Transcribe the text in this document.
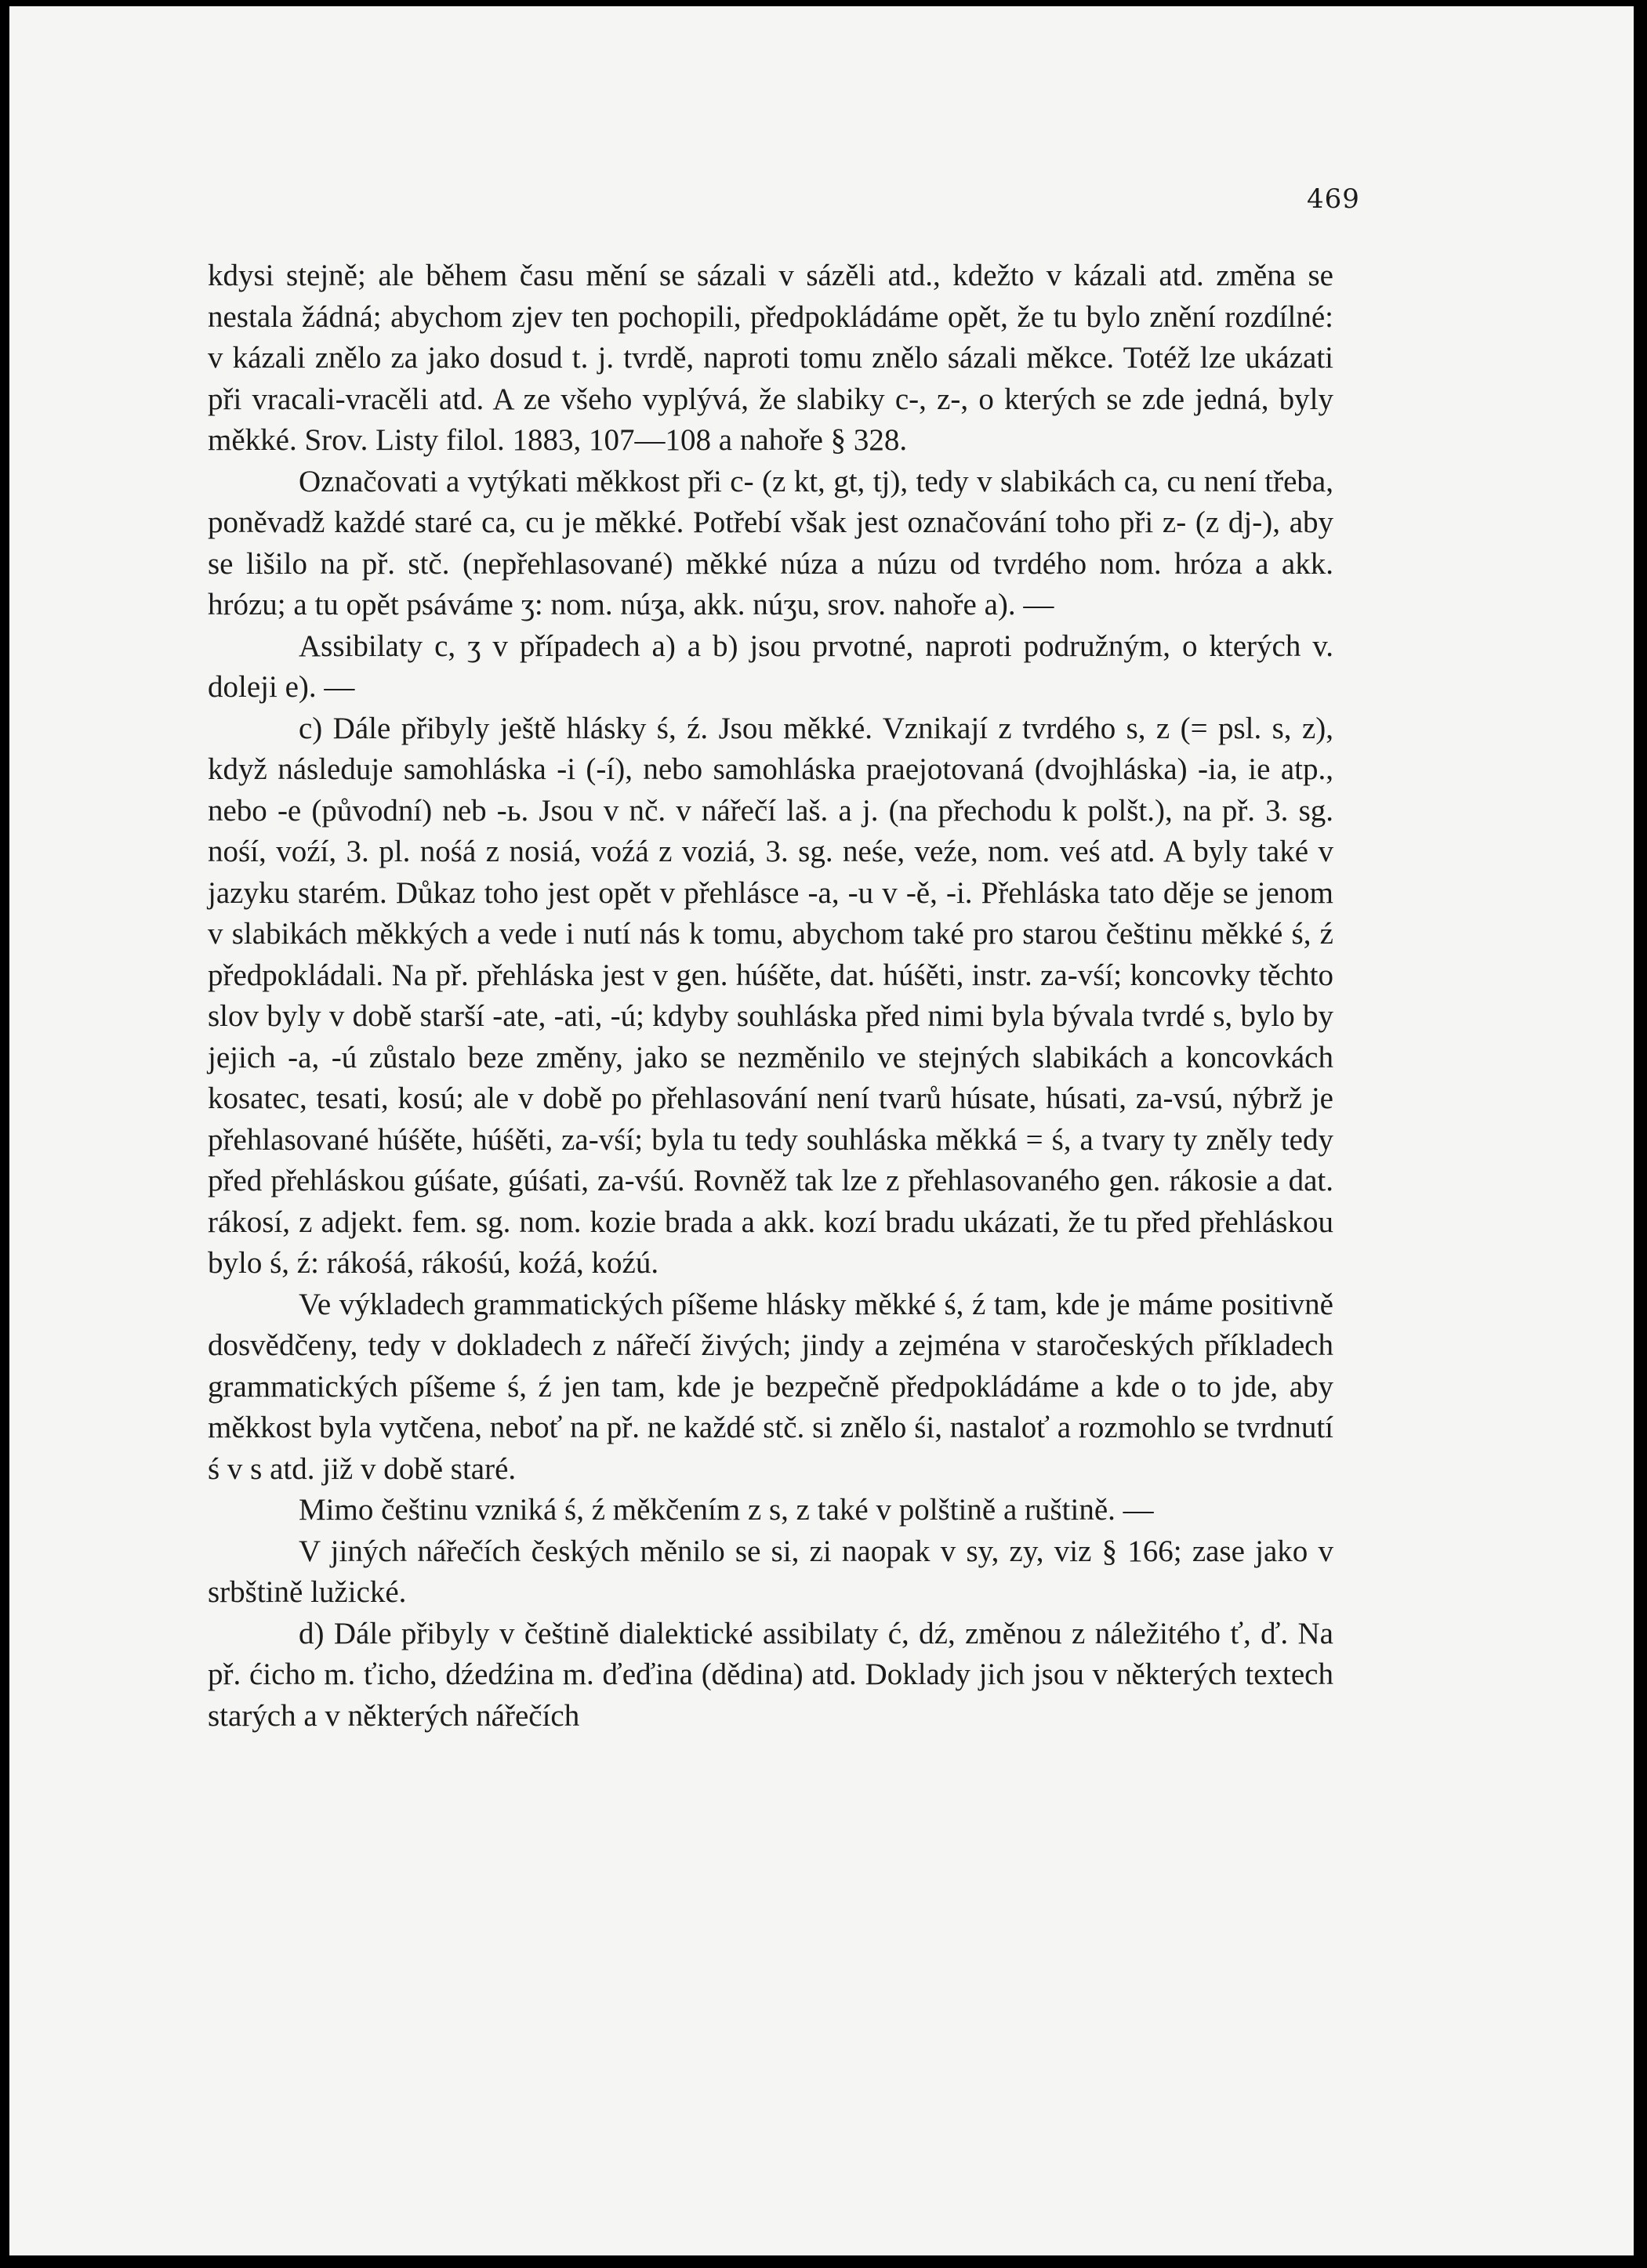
469

kdysi stejně; ale během času mění se sázali v sázěli atd., kdežto v kázali atd. změna se nestala žádná; abychom zjev ten pochopili, předpokládáme opět, že tu bylo znění rozdílné: v kázali znělo za jako dosud t. j. tvrdě, naproti tomu znělo sázali měkce. Totéž lze ukázati při vracali-vracěli atd. A ze všeho vyplývá, že slabiky c-, z-, o kterých se zde jedná, byly měkké. Srov. Listy filol. 1883, 107—108 a nahoře § 328.

Označovati a vytýkati měkkost při c- (z kt, gt, tj), tedy v slabikách ca, cu není třeba, poněvadž každé staré ca, cu je měkké. Potřebí však jest označování toho při z- (z dj-), aby se lišilo na př. stč. (nepřehlasované) měkké núza a núzu od tvrdého nom. hróza a akk. hrózu; a tu opět psáváme ʒ: nom. núʒa, akk. núʒu, srov. nahoře a). —

Assibilaty c, ʒ v případech a) a b) jsou prvotné, naproti podružným, o kterých v. doleji e). —

c) Dále přibyly ještě hlásky ś, ź. Jsou měkké. Vznikají z tvrdého s, z (= psl. s, z), když následuje samohláska -i (-í), nebo samohláska praejotovaná (dvojhláska) -ia, ie atp., nebo -e (původní) neb -ь. Jsou v nč. v nářečí laš. a j. (na přechodu k polšt.), na př. 3. sg. nośí, voźí, 3. pl. nośá z nosiá, voźá z voziá, 3. sg. neśe, veźe, nom. veś atd. A byly také v jazyku starém. Důkaz toho jest opět v přehlásce -a, -u v -ě, -i. Přehláska tato děje se jenom v slabikách měkkých a vede i nutí nás k tomu, abychom také pro starou češtinu měkké ś, ź předpokládali. Na př. přehláska jest v gen. húśěte, dat. húśěti, instr. za-vśí; koncovky těchto slov byly v době starší -ate, -ati, -ú; kdyby souhláska před nimi byla bývala tvrdé s, bylo by jejich -a, -ú zůstalo beze změny, jako se nezměnilo ve stejných slabikách a koncovkách kosatec, tesati, kosú; ale v době po přehlasování není tvarů húsate, húsati, za-vsú, nýbrž je přehlasované húśěte, húśěti, za-vśí; byla tu tedy souhláska měkká = ś, a tvary ty zněly tedy před přehláskou gúśate, gúśati, za-vśú. Rovněž tak lze z přehlasovaného gen. rákosie a dat. rákosí, z adjekt. fem. sg. nom. kozie brada a akk. kozí bradu ukázati, že tu před přehláskou bylo ś, ź: rákośá, rákośú, koźá, koźú.

Ve výkladech grammatických píšeme hlásky měkké ś, ź tam, kde je máme positivně dosvědčeny, tedy v dokladech z nářečí živých; jindy a zejména v staročeských příkladech grammatických píšeme ś, ź jen tam, kde je bezpečně předpokládáme a kde o to jde, aby měkkost byla vytčena, neboť na př. ne každé stč. si znělo śi, nastaloť a rozmohlo se tvrdnutí ś v s atd. již v době staré.

Mimo češtinu vzniká ś, ź měkčením z s, z také v polštině a ruštině. —

V jiných nářečích českých měnilo se si, zi naopak v sy, zy, viz § 166; zase jako v srbštině lužické.

d) Dále přibyly v češtině dialektické assibilaty ć, dź, změnou z náležitého ť, ď. Na př. ćicho m. ťicho, dźedźina m. ďeďina (dědina) atd. Doklady jich jsou v některých textech starých a v některých nářečích
